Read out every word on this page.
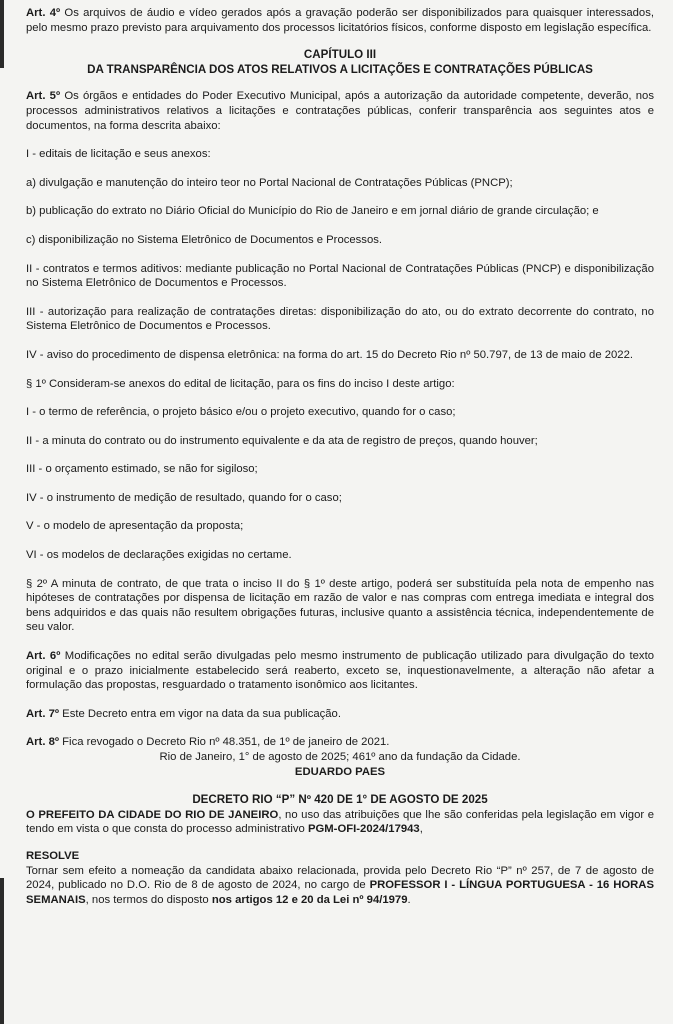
Art. 4º Os arquivos de áudio e vídeo gerados após a gravação poderão ser disponibilizados para quaisquer interessados, pelo mesmo prazo previsto para arquivamento dos processos licitatórios físicos, conforme disposto em legislação específica.

CAPÍTULO III
DA TRANSPARÊNCIA DOS ATOS RELATIVOS A LICITAÇÕES E CONTRATAÇÕES PÚBLICAS

Art. 5º Os órgãos e entidades do Poder Executivo Municipal, após a autorização da autoridade competente, deverão, nos processos administrativos relativos a licitações e contratações públicas, conferir transparência aos seguintes atos e documentos, na forma descrita abaixo:

I - editais de licitação e seus anexos:

a) divulgação e manutenção do inteiro teor no Portal Nacional de Contratações Públicas (PNCP);

b) publicação do extrato no Diário Oficial do Município do Rio de Janeiro e em jornal diário de grande circulação; e

c) disponibilização no Sistema Eletrônico de Documentos e Processos.

II - contratos e termos aditivos: mediante publicação no Portal Nacional de Contratações Públicas (PNCP) e disponibilização no Sistema Eletrônico de Documentos e Processos.

III - autorização para realização de contratações diretas: disponibilização do ato, ou do extrato decorrente do contrato, no Sistema Eletrônico de Documentos e Processos.

IV - aviso do procedimento de dispensa eletrônica: na forma do art. 15 do Decreto Rio nº 50.797, de 13 de maio de 2022.

§ 1º Consideram-se anexos do edital de licitação, para os fins do inciso I deste artigo:

I - o termo de referência, o projeto básico e/ou o projeto executivo, quando for o caso;

II - a minuta do contrato ou do instrumento equivalente e da ata de registro de preços, quando houver;

III - o orçamento estimado, se não for sigiloso;

IV - o instrumento de medição de resultado, quando for o caso;

V - o modelo de apresentação da proposta;

VI - os modelos de declarações exigidas no certame.

§ 2º A minuta de contrato, de que trata o inciso II do § 1º deste artigo, poderá ser substituída pela nota de empenho nas hipóteses de contratações por dispensa de licitação em razão de valor e nas compras com entrega imediata e integral dos bens adquiridos e das quais não resultem obrigações futuras, inclusive quanto a assistência técnica, independentemente de seu valor.

Art. 6º Modificações no edital serão divulgadas pelo mesmo instrumento de publicação utilizado para divulgação do texto original e o prazo inicialmente estabelecido será reaberto, exceto se, inquestionavelmente, a alteração não afetar a formulação das propostas, resguardado o tratamento isonômico aos licitantes.

Art. 7º Este Decreto entra em vigor na data da sua publicação.

Art. 8º Fica revogado o Decreto Rio nº 48.351, de 1º de janeiro de 2021.

Rio de Janeiro, 1° de agosto de 2025; 461º ano da fundação da Cidade.
EDUARDO PAES
DECRETO RIO “P” Nº 420 DE 1° DE AGOSTO DE 2025

O PREFEITO DA CIDADE DO RIO DE JANEIRO, no uso das atribuições que lhe são conferidas pela legislação em vigor e tendo em vista o que consta do processo administrativo PGM-OFI-2024/17943,

RESOLVE

Tornar sem efeito a nomeação da candidata abaixo relacionada, provida pelo Decreto Rio “P” nº 257, de 7 de agosto de 2024, publicado no D.O. Rio de 8 de agosto de 2024, no cargo de PROFESSOR I - LÍNGUA PORTUGUESA - 16 HORAS SEMANAIS, nos termos do disposto nos artigos 12 e 20 da Lei nº 94/1979.
